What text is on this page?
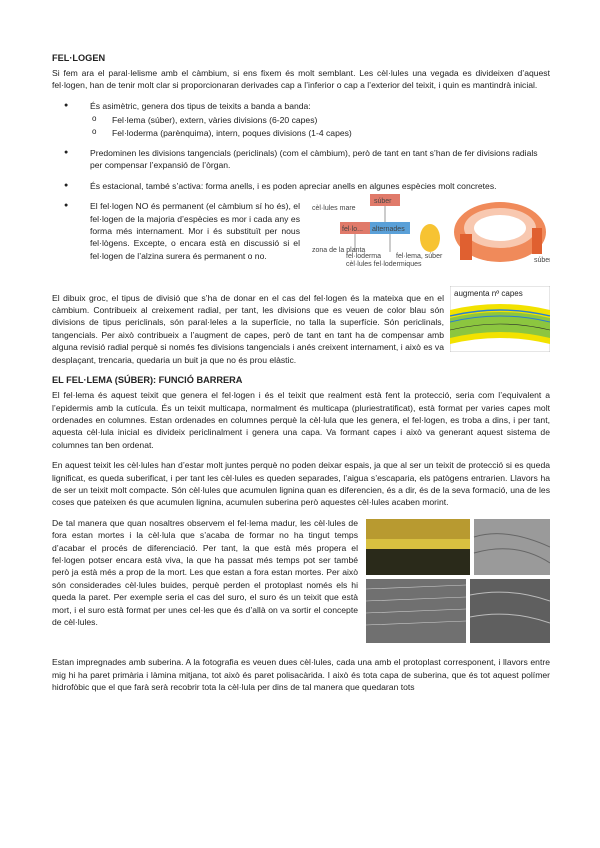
FEL·LOGEN

Si fem ara el paral·lelisme amb el càmbium, si ens fixem és molt semblant. Les cèl·lules una vegada es divideixen d’aquest fel·logen, han de tenir molt clar si proporcionaran derivades cap a l’inferior o cap a l’exterior del teixit, i quin es mantindrà inicial.

● És asimètric, genera dos tipus de teixits a banda a banda:
o Fel·lema (súber), extern, vàries divisions (6-20 capes)
o Fel·loderma (parènquima), intern, poques divisions (1-4 capes)
● Predominen les divisions tangencials (periclinals) (com el càmbium), però de tant en tant s’han de fer divisions radials per compensar l’expansió de l’òrgan.
● És estacional, també s’activa: forma anells, i es poden apreciar anells en algunes espècies molt concretes.
● El fel·logen NO és permanent (el càmbium sí ho és), el fel·logen de la majoria d’espècies es mor i cada any es forma més internament. Mor i és substituït per nous fel·lògens. Excepte, o encara està en discussió si el fel·logen de l’alzina surera és permanent o no.
cèl·lules mare
súber
fel·lo... alternades
zona de la planta
fel·loderma
cèl·lules fel·lodermiques
fel·lema, súber
súber

El dibuix groc, el tipus de divisió que s’ha de donar en el cas del fel·logen és la mateixa que en el càmbium. Contribueix al creixement radial, per tant, les divisions que es veuen de color blau són divisions de tipus periclinals, són paral·leles a la superfície, no talla la superfície. Són periclinals, tangencials. Per això contribueix a l’augment de capes, però de tant en tant ha de compensar amb alguna revisió radial perquè si només fes divisions tangencials i anés creixent internament, i això es va desplaçant, trencaria, quedaria un buit ja que no és prou elàstic.

augmenta nº capes
EL FEL·LEMA (SÚBER): FUNCIÓ BARRERA

El fel·lema és aquest teixit que genera el fel·logen i és el teixit que realment està fent la protecció, seria com l’equivalent a l’epidermis amb la cutícula. És un teixit multicapa, normalment és multicapa (pluriestratificat), està format per varies capes molt ordenades en columnes. Estan ordenades en columnes perquè la cèl·lula que les genera, el fel·logen, es troba a dins, i per tant, aquesta cèl·lula inicial es divideix periclinalment i genera una capa. Va formant capes i això va generant aquest sistema de columnes tan ben ordenat.

En aquest teixit les cèl·lules han d’estar molt juntes perquè no poden deixar espais, ja que al ser un teixit de protecció si es queda lignificat, es queda suberificat, i per tant les cèl·lules es queden separades, l’aigua s’escaparia, els patògens entrarien. Llavors ha de ser un teixit molt compacte. Són cèl·lules que acumulen lignina quan es diferencien, és a dir, és de la seva formació, una de les coses que pateixen és que acumulen lignina, acumulen suberina però aquestes cèl·lules acaben morint.

De tal manera que quan nosaltres observem el fel·lema madur, les cèl·lules de fora estan mortes i la cèl·lula que s’acaba de formar no ha tingut temps d’acabar el procés de diferenciació. Per tant, la que està més propera el fel·logen potser encara està viva, la que ha passat més temps pot ser també però ja està més a prop de la mort. Les que estan a fora estan mortes. Per això són considerades cèl·lules buides, perquè perden el protoplast només els hi queda la paret. Per exemple seria el cas del suro, el suro és un teixit que està mort, i el suro està format per unes cel·les que és d’allà on va sortir el concepte de cèl·lules.

Estan impregnades amb suberina. A la fotografia es veuen dues cèl·lules, cada una amb el protoplast corresponent, i llavors entre mig hi ha paret primària i làmina mitjana, tot això és paret polisacàrida. I això és tota capa de suberina, que és tot aquest polímer hidrofòbic que el que farà serà recobrir tota la cèl·lula per dins de tal manera que quedaran tots
